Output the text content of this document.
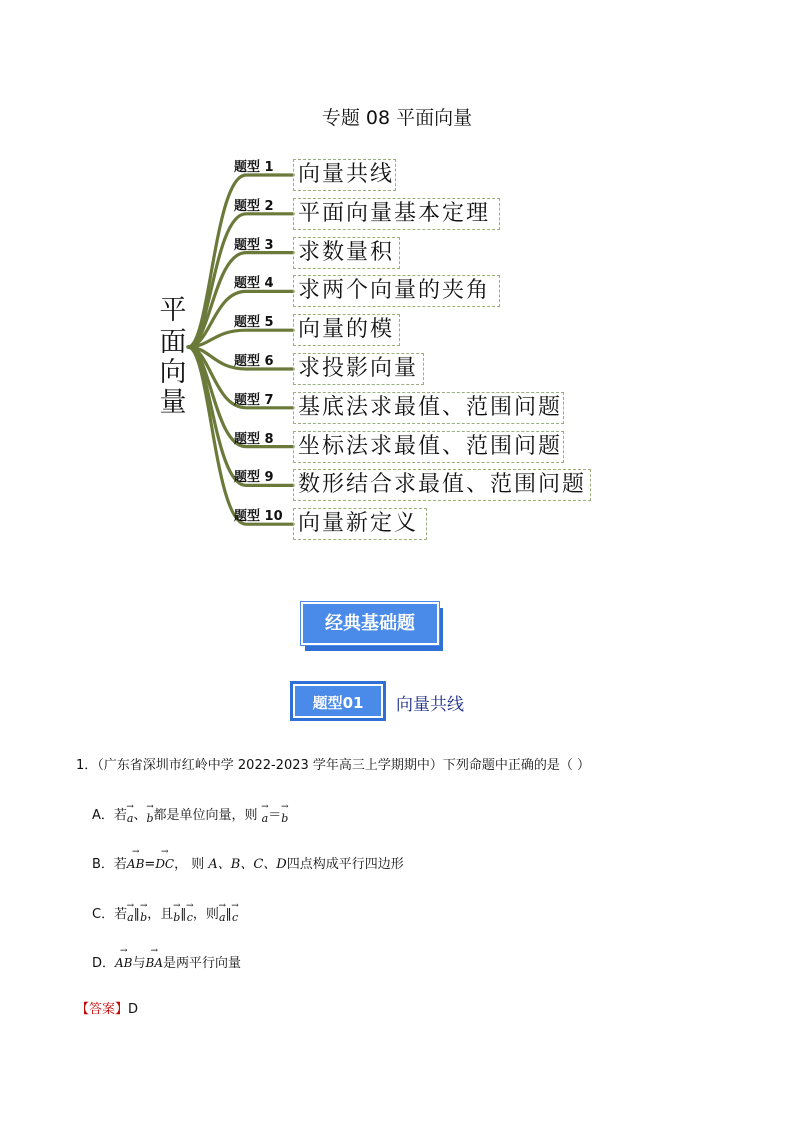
专题 08 平面向量
平
面
向
量
题型 1	向量共线
题型 2	平面向量基本定理
题型 3	求数量积
题型 4	求两个向量的夹角
题型 5	向量的模
题型 6	求投影向量
题型 7	基底法求最值、范围问题
题型 8	坐标法求最值、范围问题
题型 9	数形结合求最值、范围问题
题型 10 向量新定义
经典基础题
题型01	向量共线
1．（广东省深圳市红岭中学 2022-2023 学年高三上学期期中）下列命题中正确的是（ ）
A．若→ a、→ b都是单位向量，则 → a＝→ b
B．若→ AB=→ DC， 则 A、B、C、D四点构成平行四边形
C．若→ a∥→ b，且→ b∥→ c，则→ a∥→ c
D．→ AB与→ BA是两平行向量
【答案】D
